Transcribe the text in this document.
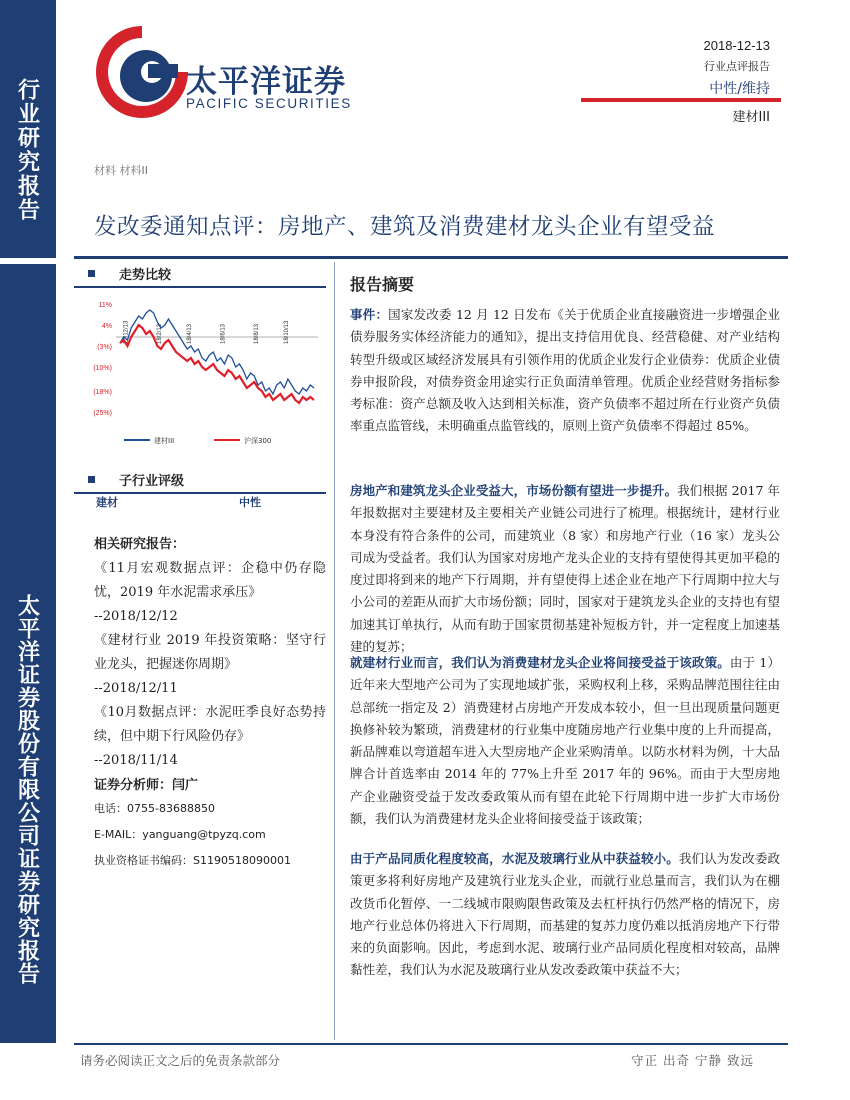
行业研究报告
太平洋证券股份有限公司证券研究报告
太平洋证券
PACIFIC SECURITIES
2018-12-13
行业点评报告
中性/维持
建材III
材料 材料II
发改委通知点评：房地产、建筑及消费建材龙头企业有望受益
走势比较
11%
4%
(3%)
(10%)
(18%)
(25%)
17/12/13	18/2/13	18/4/13	18/6/13	18/8/13	18/10/13
建材III	沪深300
子行业评级
建材	中性
相关研究报告：
《11月宏观数据点评：企稳中仍存隐忧，2019 年水泥需求承压》
--2018/12/12
《建材行业 2019 年投资策略：坚守行业龙头，把握迷你周期》
--2018/12/11
《10月数据点评：水泥旺季良好态势持续，但中期下行风险仍存》
--2018/11/14
证券分析师：闫广
电话：0755-83688850
E-MAIL：yanguang@tpyzq.com
执业资格证书编码：S1190518090001
报告摘要
事件：国家发改委 12 月 12 日发布《关于优质企业直接融资进一步增强企业债券服务实体经济能力的通知》，提出支持信用优良、经营稳健、对产业结构转型升级或区域经济发展具有引领作用的优质企业发行企业债券：优质企业债券申报阶段，对债券资金用途实行正负面清单管理。优质企业经营财务指标参考标准：资产总额及收入达到相关标准，资产负债率不超过所在行业资产负债率重点监管线，未明确重点监管线的，原则上资产负债率不得超过 85%。
房地产和建筑龙头企业受益大，市场份额有望进一步提升。我们根据 2017 年年报数据对主要建材及主要相关产业链公司进行了梳理。根据统计，建材行业本身没有符合条件的公司，而建筑业（8 家）和房地产行业（16 家）龙头公司成为受益者。我们认为国家对房地产龙头企业的支持有望使得其更加平稳的度过即将到来的地产下行周期，并有望使得上述企业在地产下行周期中拉大与小公司的差距从而扩大市场份额；同时，国家对于建筑龙头企业的支持也有望加速其订单执行，从而有助于国家贯彻基建补短板方针，并一定程度上加速基建的复苏；
就建材行业而言，我们认为消费建材龙头企业将间接受益于该政策。由于 1）近年来大型地产公司为了实现地域扩张，采购权利上移，采购品牌范围往往由总部统一指定及 2）消费建材占房地产开发成本较小，但一旦出现质量问题更换修补较为繁琐，消费建材的行业集中度随房地产行业集中度的上升而提高，新品牌难以弯道超车进入大型房地产企业采购清单。以防水材料为例，十大品牌合计首选率由 2014 年的 77%上升至 2017 年的 96%。而由于大型房地产企业融资受益于发改委政策从而有望在此轮下行周期中进一步扩大市场份额，我们认为消费建材龙头企业将间接受益于该政策；
由于产品同质化程度较高，水泥及玻璃行业从中获益较小。我们认为发改委政策更多将利好房地产及建筑行业龙头企业，而就行业总量而言，我们认为在棚改货币化暂停、一二线城市限购限售政策及去杠杆执行仍然严格的情况下，房地产行业总体仍将进入下行周期，而基建的复苏力度仍难以抵消房地产下行带来的负面影响。因此，考虑到水泥、玻璃行业产品同质化程度相对较高，品牌黏性差，我们认为水泥及玻璃行业从发改委政策中获益不大；
请务必阅读正文之后的免责条款部分	守正 出奇 宁静 致远
